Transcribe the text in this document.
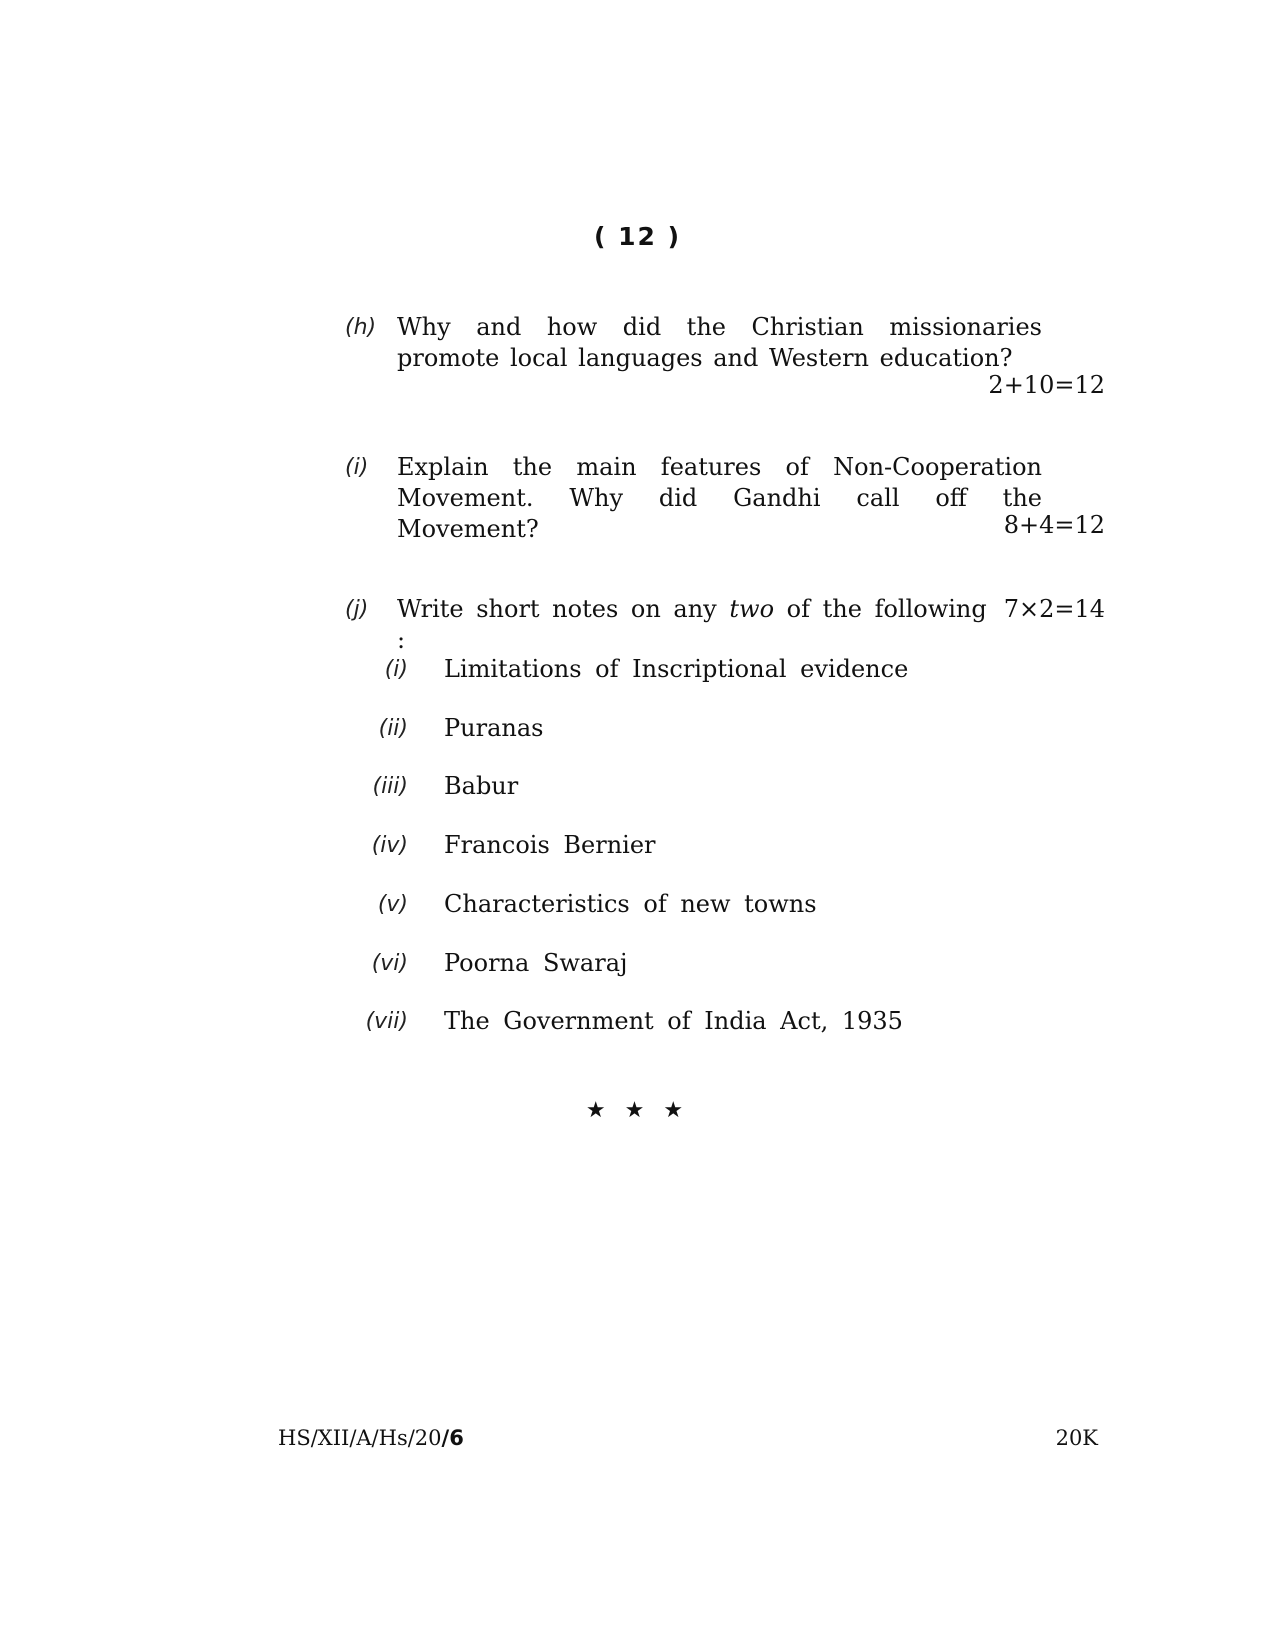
( 12 )
(h) Why and how did the Christian missionaries
promote local languages and Western education?
2+10=12
(i) Explain the main features of Non-Cooperation
Movement. Why did Gandhi call off the Movement?	8+4=12
(j) Write short notes on any two of the following :
7×2=14
(i) Limitations of Inscriptional evidence
(ii) Puranas
(iii) Babur
(iv) Francois Bernier
(v) Characteristics of new towns
(vi) Poorna Swaraj
(vii) The Government of India Act, 1935
★ ★ ★
HS/XII/A/Hs/20/6	20K
